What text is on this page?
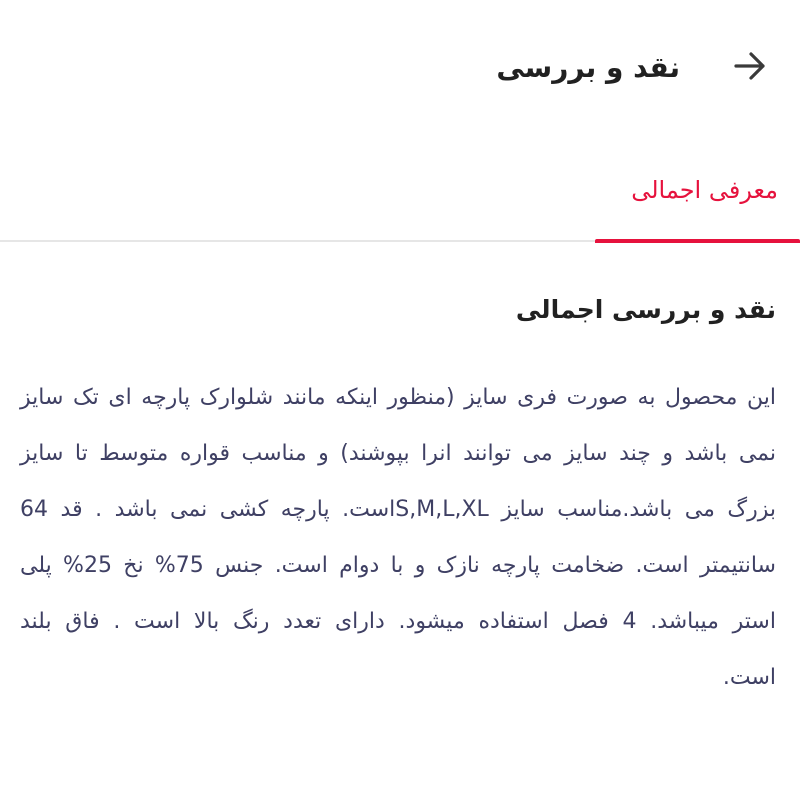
نقد و بررسی
معرفی اجمالی
نقد و بررسی اجمالی

این محصول به صورت فری سایز (منظور اینکه مانند شلوارک پارچه ای تک سایز نمی باشد و چند سایز می توانند انرا بپوشند) و مناسب قواره متوسط تا سایز بزرگ می باشد.مناسب سایز S,M,L,XLاست. پارچه کشی نمی باشد . قد 64 سانتیمتر است. ضخامت پارچه نازک و با دوام است. جنس 75% نخ 25% پلی استر میباشد. 4 فصل استفاده میشود. دارای تعدد رنگ بالا است . فاق بلند است.
